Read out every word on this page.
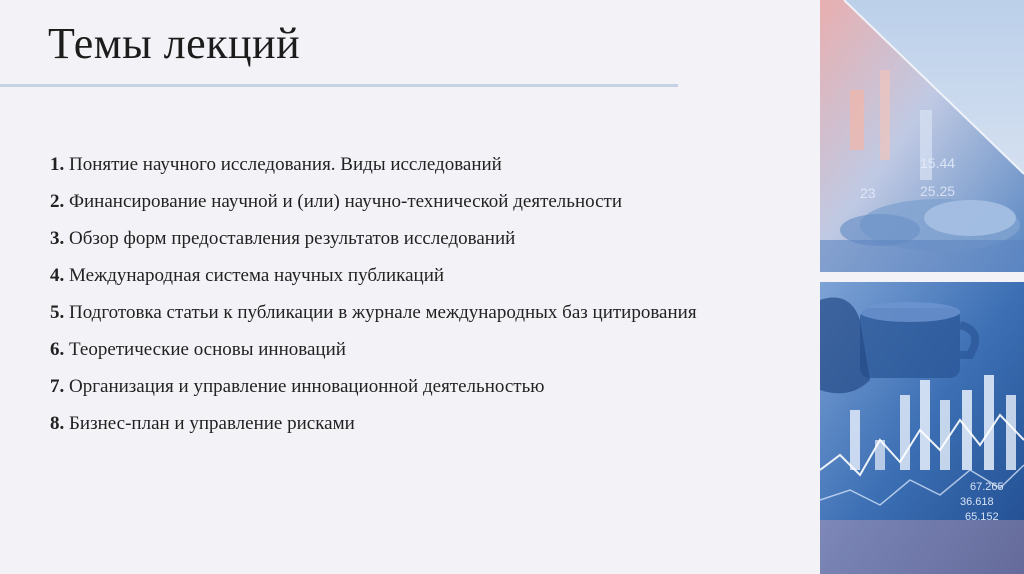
Темы лекций
1. Понятие научного исследования. Виды исследований
2. Финансирование научной и (или) научно-технической деятельности
3. Обзор форм предоставления результатов исследований
4. Международная система научных публикаций
5. Подготовка статьи к публикации в журнале международных баз цитирования
6. Теоретические основы инноваций
7. Организация и управление инновационной деятельностью
8. Бизнес-план и управление рисками
15.44
23	25.25
67.265
36.618
65.152
